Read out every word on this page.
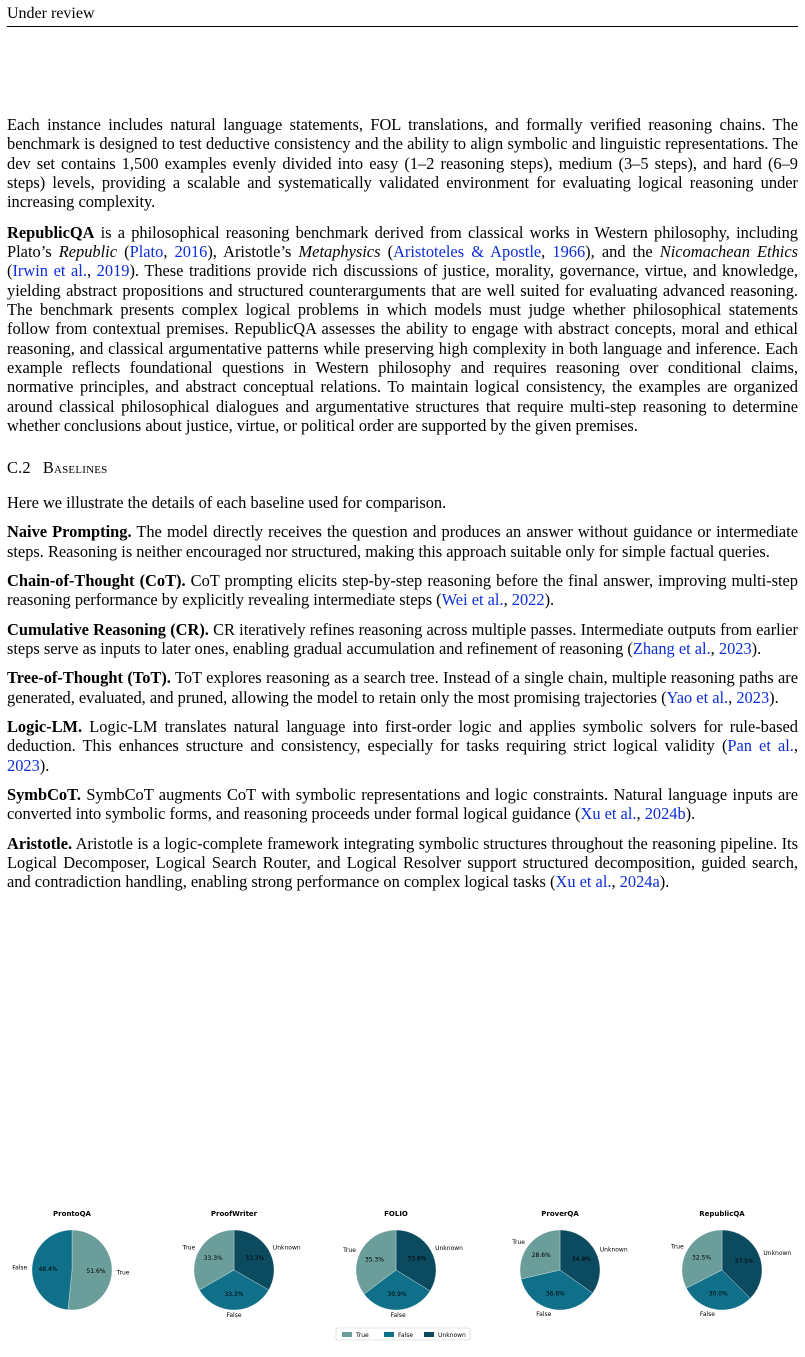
Under review

Each instance includes natural language statements, FOL translations, and formally verified reasoning chains. The benchmark is designed to test deductive consistency and the ability to align symbolic and linguistic representations. The dev set contains 1,500 examples evenly divided into easy (1–2 reasoning steps), medium (3–5 steps), and hard (6–9 steps) levels, providing a scalable and systematically validated environment for evaluating logical reasoning under increasing complexity.

RepublicQA is a philosophical reasoning benchmark derived from classical works in Western philosophy, including Plato’s Republic (Plato, 2016), Aristotle’s Metaphysics (Aristoteles & Apostle, 1966), and the Nicomachean Ethics (Irwin et al., 2019). These traditions provide rich discussions of justice, morality, governance, virtue, and knowledge, yielding abstract propositions and structured counterarguments that are well suited for evaluating advanced reasoning. The benchmark presents complex logical problems in which models must judge whether philosophical statements follow from contextual premises. RepublicQA assesses the ability to engage with abstract concepts, moral and ethical reasoning, and classical argumentative patterns while preserving high complexity in both language and inference. Each example reflects foundational questions in Western philosophy and requires reasoning over conditional claims, normative principles, and abstract conceptual relations. To maintain logical consistency, the examples are organized around classical philosophical dialogues and argumentative structures that require multi-step reasoning to determine whether conclusions about justice, virtue, or political order are supported by the given premises.

C.2 Baselines

Here we illustrate the details of each baseline used for comparison.

Naive Prompting. The model directly receives the question and produces an answer without guidance or intermediate steps. Reasoning is neither encouraged nor structured, making this approach suitable only for simple factual queries.

Chain-of-Thought (CoT). CoT prompting elicits step-by-step reasoning before the final answer, improving multi-step reasoning performance by explicitly revealing intermediate steps (Wei et al., 2022).

Cumulative Reasoning (CR). CR iteratively refines reasoning across multiple passes. Intermediate outputs from earlier steps serve as inputs to later ones, enabling gradual accumulation and refinement of reasoning (Zhang et al., 2023).

Tree-of-Thought (ToT). ToT explores reasoning as a search tree. Instead of a single chain, multiple reasoning paths are generated, evaluated, and pruned, allowing the model to retain only the most promising trajectories (Yao et al., 2023).

Logic-LM. Logic-LM translates natural language into first-order logic and applies symbolic solvers for rule-based deduction. This enhances structure and consistency, especially for tasks requiring strict logical validity (Pan et al., 2023).

SymbCoT. SymbCoT augments CoT with symbolic representations and logic constraints. Natural language inputs are converted into symbolic forms, and reasoning proceeds under formal logical guidance (Xu et al., 2024b).

Aristotle. Aristotle is a logic-complete framework integrating symbolic structures throughout the reasoning pipeline. Its Logical Decomposer, Logical Search Router, and Logical Resolver support structured decomposition, guided search, and contradiction handling, enabling strong performance on complex logical tasks (Xu et al., 2024a).

ProntoQA
51.6% True
48.4%
False
ProofWriter
33.3%
Unknown
33.3%
False
33.3%
True
FOLIO
33.8%
Unknown
30.9%
False
35.3%
True
ProverQA
34.8%
Unknown
36.6%
False
28.6%
True
RepublicQA
37.5%
Unknown
30.0%
False
32.5%
True
True	False	Unknown
